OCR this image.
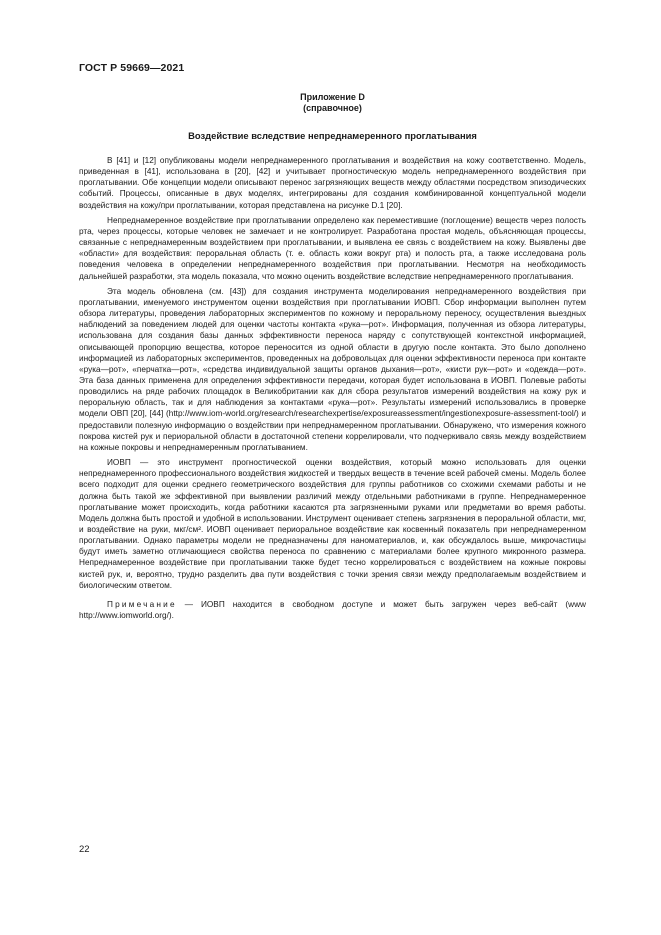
ГОСТ Р 59669—2021
Приложение D
(справочное)
Воздействие вследствие непреднамеренного проглатывания

В [41] и [12] опубликованы модели непреднамеренного проглатывания и воздействия на кожу соответственно. Модель, приведенная в [41], использована в [20], [42] и учитывает прогностическую модель непреднамеренного воздействия при проглатывании. Обе концепции модели описывают перенос загрязняющих веществ между областями посредством эпизодических событий. Процессы, описанные в двух моделях, интегрированы для создания комбинированной концептуальной модели воздействия на кожу/при проглатывании, которая представлена на рисунке D.1 [20].

Непреднамеренное воздействие при проглатывании определено как переместившие (поглощение) веществ через полость рта, через процессы, которые человек не замечает и не контролирует. Разработана простая модель, объясняющая процессы, связанные с непреднамеренным воздействием при проглатывании, и выявлена ее связь с воздействием на кожу. Выявлены две «области» для воздействия: пероральная область (т. е. область кожи вокруг рта) и полость рта, а также исследована роль поведения человека в определении непреднамеренного воздействия при проглатывании. Несмотря на необходимость дальнейшей разработки, эта модель показала, что можно оценить воздействие вследствие непреднамеренного проглатывания.

Эта модель обновлена (см. [43]) для создания инструмента моделирования непреднамеренного воздействия при проглатывании, именуемого инструментом оценки воздействия при проглатывании ИОВП. Сбор информации выполнен путем обзора литературы, проведения лабораторных экспериментов по кожному и пероральному переносу, осуществления выездных наблюдений за поведением людей для оценки частоты контакта «рука—рот». Информация, полученная из обзора литературы, использована для создания базы данных эффективности переноса наряду с сопутствующей контекстной информацией, описывающей пропорцию вещества, которое переносится из одной области в другую после контакта. Это было дополнено информацией из лабораторных экспериментов, проведенных на добровольцах для оценки эффективности переноса при контакте «рука—рот», «перчатка—рот», «средства индивидуальной защиты органов дыхания—рот», «кисти рук—рот» и «одежда—рот». Эта база данных применена для определения эффективности передачи, которая будет использована в ИОВП. Полевые работы проводились на ряде рабочих площадок в Великобритании как для сбора результатов измерений воздействия на кожу рук и пероральную область, так и для наблюдения за контактами «рука—рот». Результаты измерений использовались в проверке модели ОВП [20], [44] (http://www.iom-world.org/research/researchexpertise/exposureassessment/ingestionexposure-assessment-tool/) и предоставили полезную информацию о воздействии при непреднамеренном проглатывании. Обнаружено, что измерения кожного покрова кистей рук и периоральной области в достаточной степени коррелировали, что подчеркивало связь между воздействием на кожные покровы и непреднамеренным проглатыванием.

ИОВП — это инструмент прогностической оценки воздействия, который можно использовать для оценки непреднамеренного профессионального воздействия жидкостей и твердых веществ в течение всей рабочей смены. Модель более всего подходит для оценки среднего геометрического воздействия для группы работников со схожими схемами работы и не должна быть такой же эффективной при выявлении различий между отдельными работниками в группе. Непреднамеренное проглатывание может происходить, когда работники касаются рта загрязненными руками или предметами во время работы. Модель должна быть простой и удобной в использовании. Инструмент оценивает степень загрязнения в пероральной области, мкг, и воздействие на руки, мкг/см². ИОВП оценивает периоральное воздействие как косвенный показатель при непреднамеренном проглатывании. Однако параметры модели не предназначены для наноматериалов, и, как обсуждалось выше, микрочастицы будут иметь заметно отличающиеся свойства переноса по сравнению с материалами более крупного микронного размера. Непреднамеренное воздействие при проглатывании также будет тесно коррелироваться с воздействием на кожные покровы кистей рук, и, вероятно, трудно разделить два пути воздействия с точки зрения связи между предполагаемым воздействием и биологическим ответом.

Примечание — ИОВП находится в свободном доступе и может быть загружен через веб-сайт (www http://www.iomworld.org/).

22
